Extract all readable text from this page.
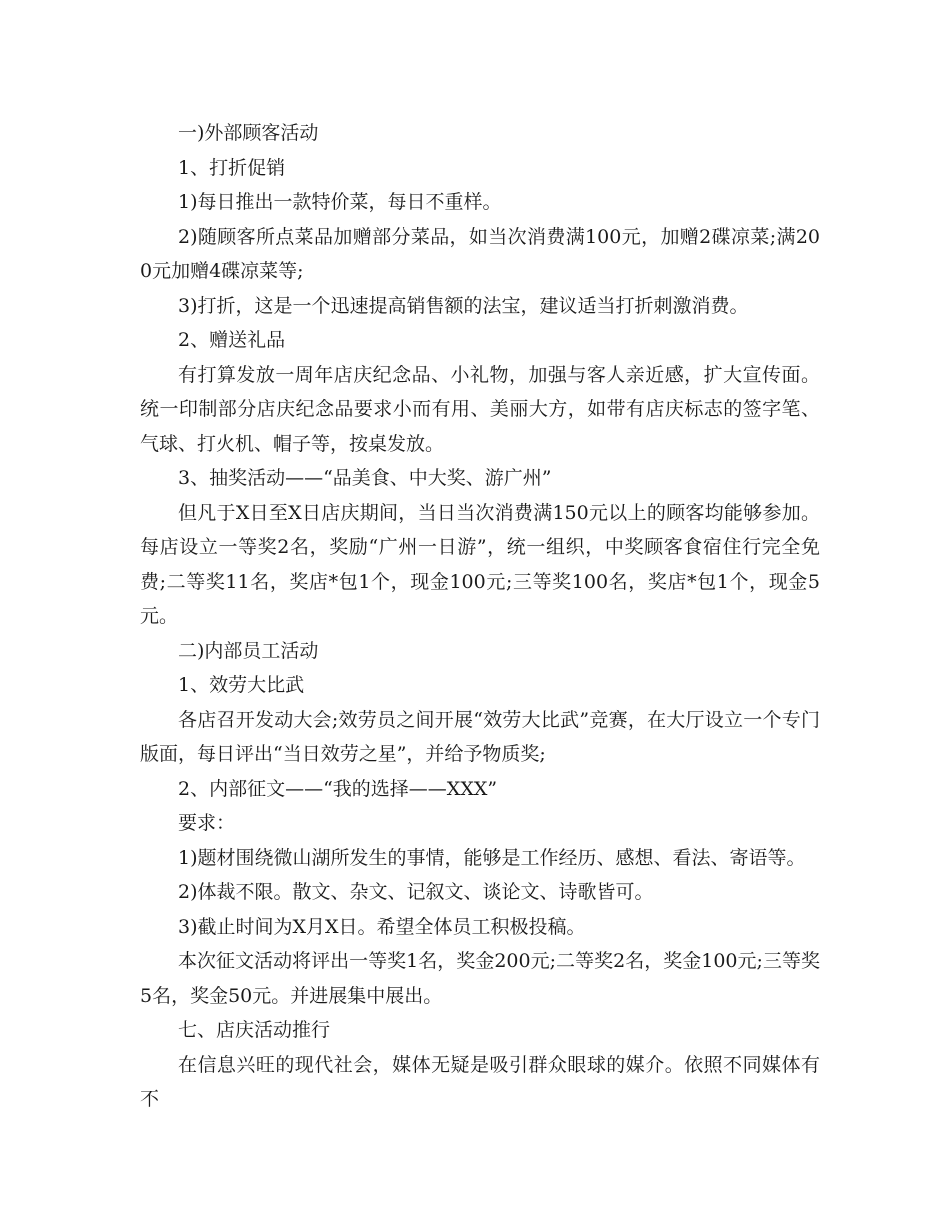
一)外部顾客活动

1、打折促销

1)每日推出一款特价菜，每日不重样。

2)随顾客所点菜品加赠部分菜品，如当次消费满100元，加赠2碟凉菜;满200元加赠4碟凉菜等;

3)打折，这是一个迅速提高销售额的法宝，建议适当打折刺激消费。

2、赠送礼品

有打算发放一周年店庆纪念品、小礼物，加强与客人亲近感，扩大宣传面。统一印制部分店庆纪念品要求小而有用、美丽大方，如带有店庆标志的签字笔、气球、打火机、帽子等，按桌发放。

3、抽奖活动——“品美食、中大奖、游广州”

但凡于X日至X日店庆期间，当日当次消费满150元以上的顾客均能够参加。每店设立一等奖2名，奖励“广州一日游”，统一组织，中奖顾客食宿住行完全免费;二等奖11名，奖店*包1个，现金100元;三等奖100名，奖店*包1个，现金5元。

二)内部员工活动

1、效劳大比武

各店召开发动大会;效劳员之间开展“效劳大比武”竞赛，在大厅设立一个专门版面，每日评出“当日效劳之星”，并给予物质奖;

2、内部征文——“我的选择——XXX”

要求：

1)题材围绕微山湖所发生的事情，能够是工作经历、感想、看法、寄语等。

2)体裁不限。散文、杂文、记叙文、谈论文、诗歌皆可。

3)截止时间为X月X日。希望全体员工积极投稿。

本次征文活动将评出一等奖1名，奖金200元;二等奖2名，奖金100元;三等奖5名，奖金50元。并进展集中展出。

七、店庆活动推行

在信息兴旺的现代社会，媒体无疑是吸引群众眼球的媒介。依照不同媒体有不
